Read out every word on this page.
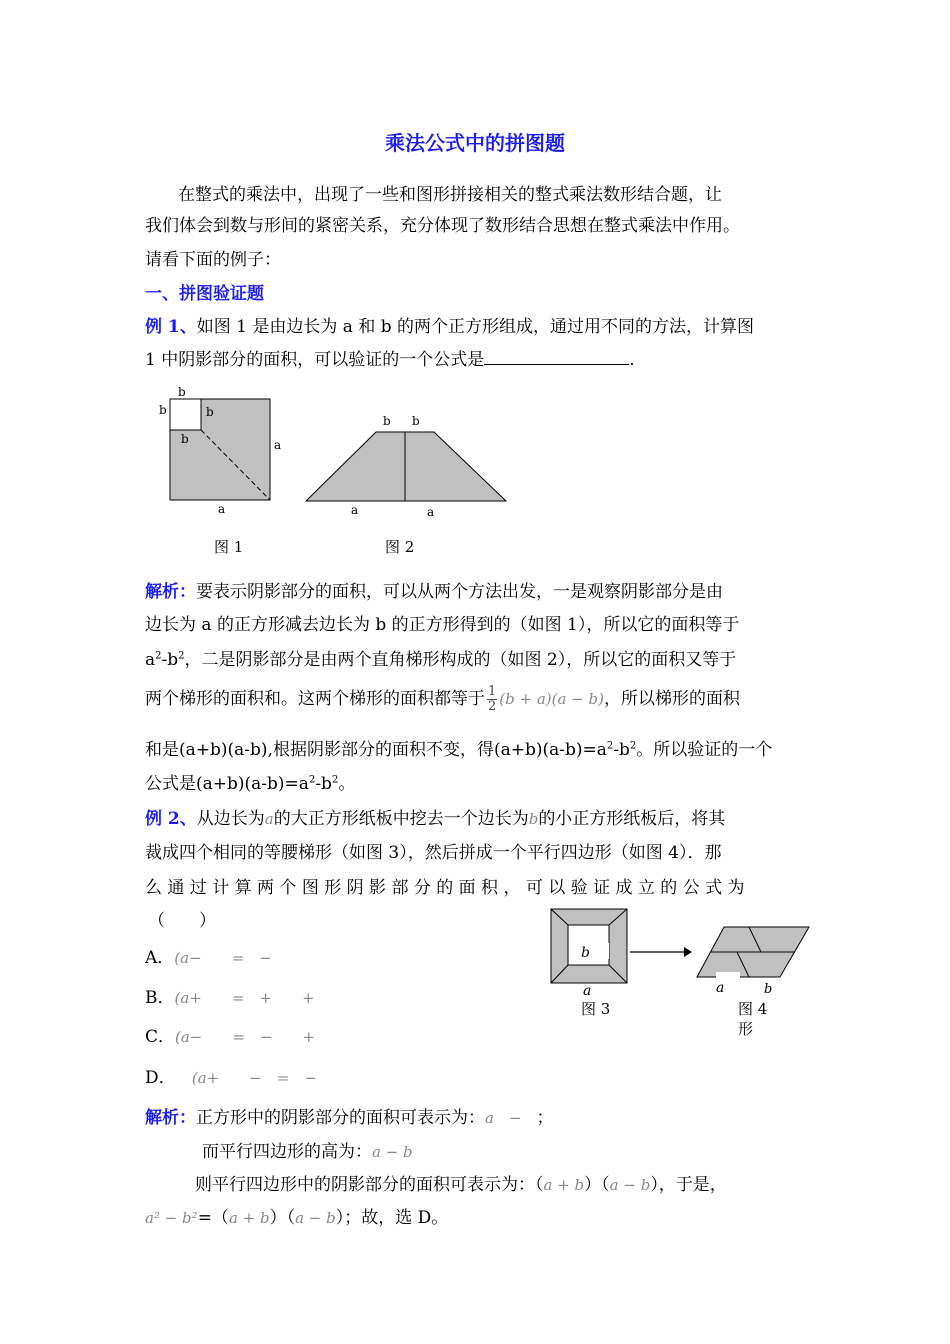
乘法公式中的拼图题
在整式的乘法中，出现了一些和图形拼接相关的整式乘法数形结合题，让
我们体会到数与形间的紧密关系，充分体现了数形结合思想在整式乘法中作用。
请看下面的例子：
一、拼图验证题
例 1、如图 1 是由边长为 a 和 b 的两个正方形组成，通过用不同的方法，计算图
1 中阴影部分的面积，可以验证的一个公式是	.
b
b	b
b	a
a
图 1
b b
a	a
图 2
解析：要表示阴影部分的面积，可以从两个方法出发，一是观察阴影部分是由
边长为 a 的正方形减去边长为 b 的正方形得到的（如图 1），所以它的面积等于
$a^2-b^2$，二是阴影部分是由两个直角梯形构成的（如图 2），所以它的面积又等于
两个梯形的面积和。这两个梯形的面积都等于 $\frac{1}{2} (b + a)(a - b)$，所以梯形的面积
和是(a+b)(a-b),根据阴影部分的面积不变，得$(a+b)(a-b)=a^2-b^2$。所以验证的一个
公式是$(a+b)(a-b)=a^2-b^2$。
例 2、从边长为a的大正方形纸板中挖去一个边长为b的小正方形纸板后，将其
裁成四个相同的等腰梯形（如图 3），然后拼成一个平行四边形（如图 4）．那
么 通 过 计 算 两 个 图 形 阴 影 部 分 的 面 积 ， 可 以 验 证 成 立 的 公 式 为
（　　）
A．(a−　　=　−
B．(a+　　=　+　　+
C．(a−　　=　−　　+
D． (a+　　−　=　−
b
a
图 3
a	b
图 4
形
解析：正方形中的阴影部分的面积可表示为：a　−　；
而平行四边形的高为：a − b
则平行四边形中的阴影部分的面积可表示为：（a + b）（a − b），于是，
a² − b²=（a + b）（a − b）；故，选 D。
